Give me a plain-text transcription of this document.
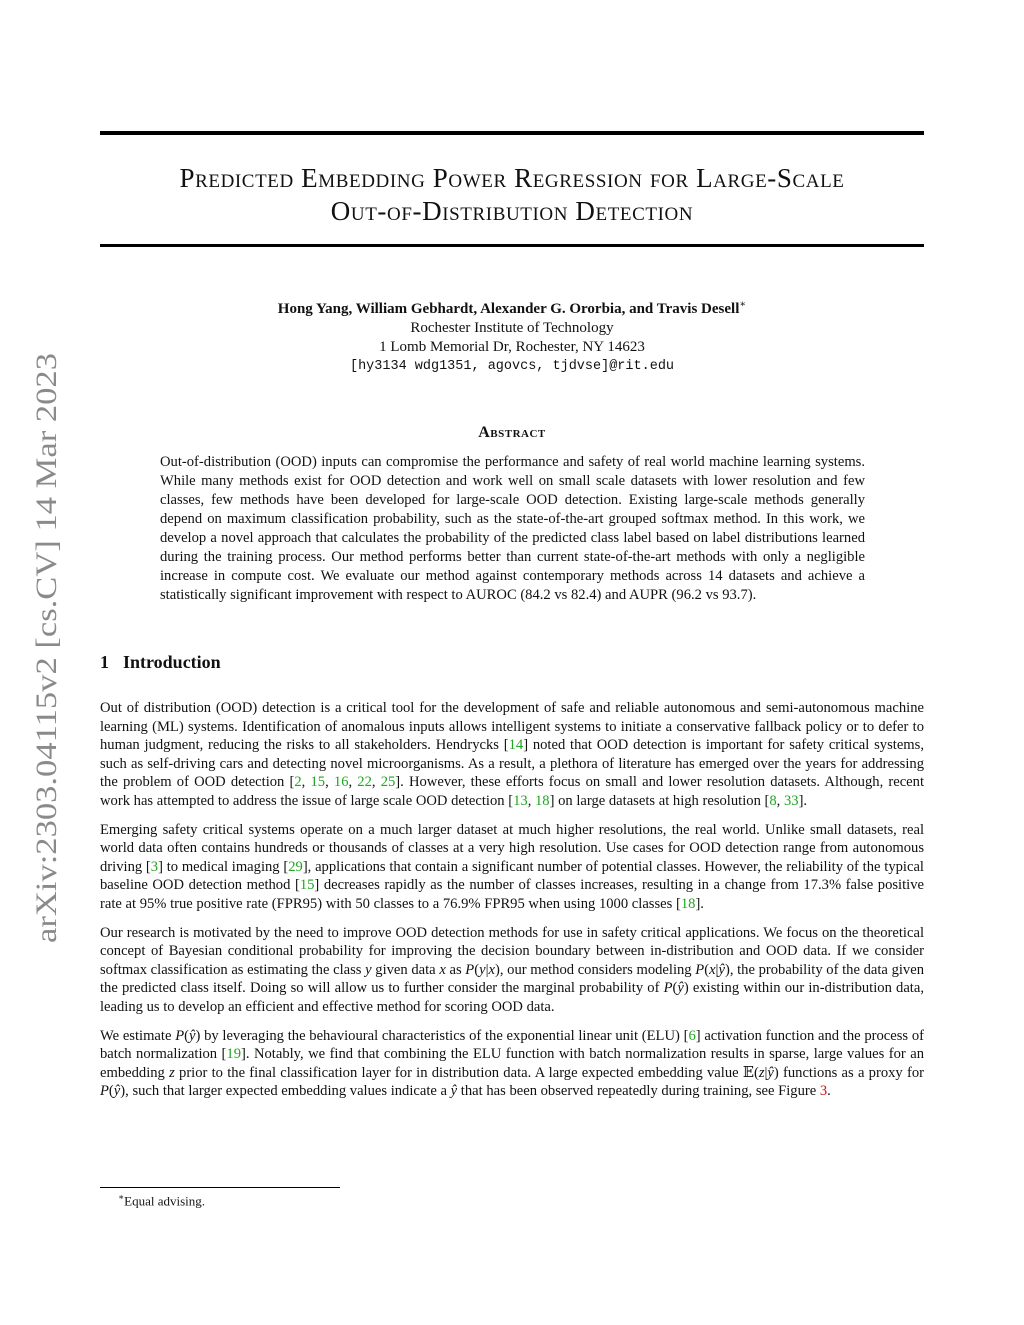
arXiv:2303.04115v2 [cs.CV] 14 Mar 2023
Predicted Embedding Power Regression for Large-Scale
Out-of-Distribution Detection
Hong Yang, William Gebhardt, Alexander G. Ororbia, and Travis Desell∗
Rochester Institute of Technology
1 Lomb Memorial Dr, Rochester, NY 14623
[hy3134 wdg1351, agovcs, tjdvse]@rit.edu
Abstract

Out-of-distribution (OOD) inputs can compromise the performance and safety of real world machine learning systems. While many methods exist for OOD detection and work well on small scale datasets with lower resolution and few classes, few methods have been developed for large-scale OOD detection. Existing large-scale methods generally depend on maximum classification probability, such as the state-of-the-art grouped softmax method. In this work, we develop a novel approach that calculates the probability of the predicted class label based on label distributions learned during the training process. Our method performs better than current state-of-the-art methods with only a negligible increase in compute cost. We evaluate our method against contemporary methods across 14 datasets and achieve a statistically significant improvement with respect to AUROC (84.2 vs 82.4) and AUPR (96.2 vs 93.7).

1 Introduction

Out of distribution (OOD) detection is a critical tool for the development of safe and reliable autonomous and semi-autonomous machine learning (ML) systems. Identification of anomalous inputs allows intelligent systems to initiate a conservative fallback policy or to defer to human judgment, reducing the risks to all stakeholders. Hendrycks [14] noted that OOD detection is important for safety critical systems, such as self-driving cars and detecting novel microorganisms. As a result, a plethora of literature has emerged over the years for addressing the problem of OOD detection [2, 15, 16, 22, 25]. However, these efforts focus on small and lower resolution datasets. Although, recent work has attempted to address the issue of large scale OOD detection [13, 18] on large datasets at high resolution [8, 33].

Emerging safety critical systems operate on a much larger dataset at much higher resolutions, the real world. Unlike small datasets, real world data often contains hundreds or thousands of classes at a very high resolution. Use cases for OOD detection range from autonomous driving [3] to medical imaging [29], applications that contain a significant number of potential classes. However, the reliability of the typical baseline OOD detection method [15] decreases rapidly as the number of classes increases, resulting in a change from 17.3% false positive rate at 95% true positive rate (FPR95) with 50 classes to a 76.9% FPR95 when using 1000 classes [18].

Our research is motivated by the need to improve OOD detection methods for use in safety critical applications. We focus on the theoretical concept of Bayesian conditional probability for improving the decision boundary between in-distribution and OOD data. If we consider softmax classification as estimating the class y given data x as P(y|x), our method considers modeling P(x|ŷ), the probability of the data given the predicted class itself. Doing so will allow us to further consider the marginal probability of P(ŷ) existing within our in-distribution data, leading us to develop an efficient and effective method for scoring OOD data.

We estimate P(ŷ) by leveraging the behavioural characteristics of the exponential linear unit (ELU) [6] activation function and the process of batch normalization [19]. Notably, we find that combining the ELU function with batch normalization results in sparse, large values for an embedding z prior to the final classification layer for in distribution data. A large expected embedding value 𝔼(z|ŷ) functions as a proxy for P(ŷ), such that larger expected embedding values indicate a ŷ that has been observed repeatedly during training, see Figure 3.

∗Equal advising.
